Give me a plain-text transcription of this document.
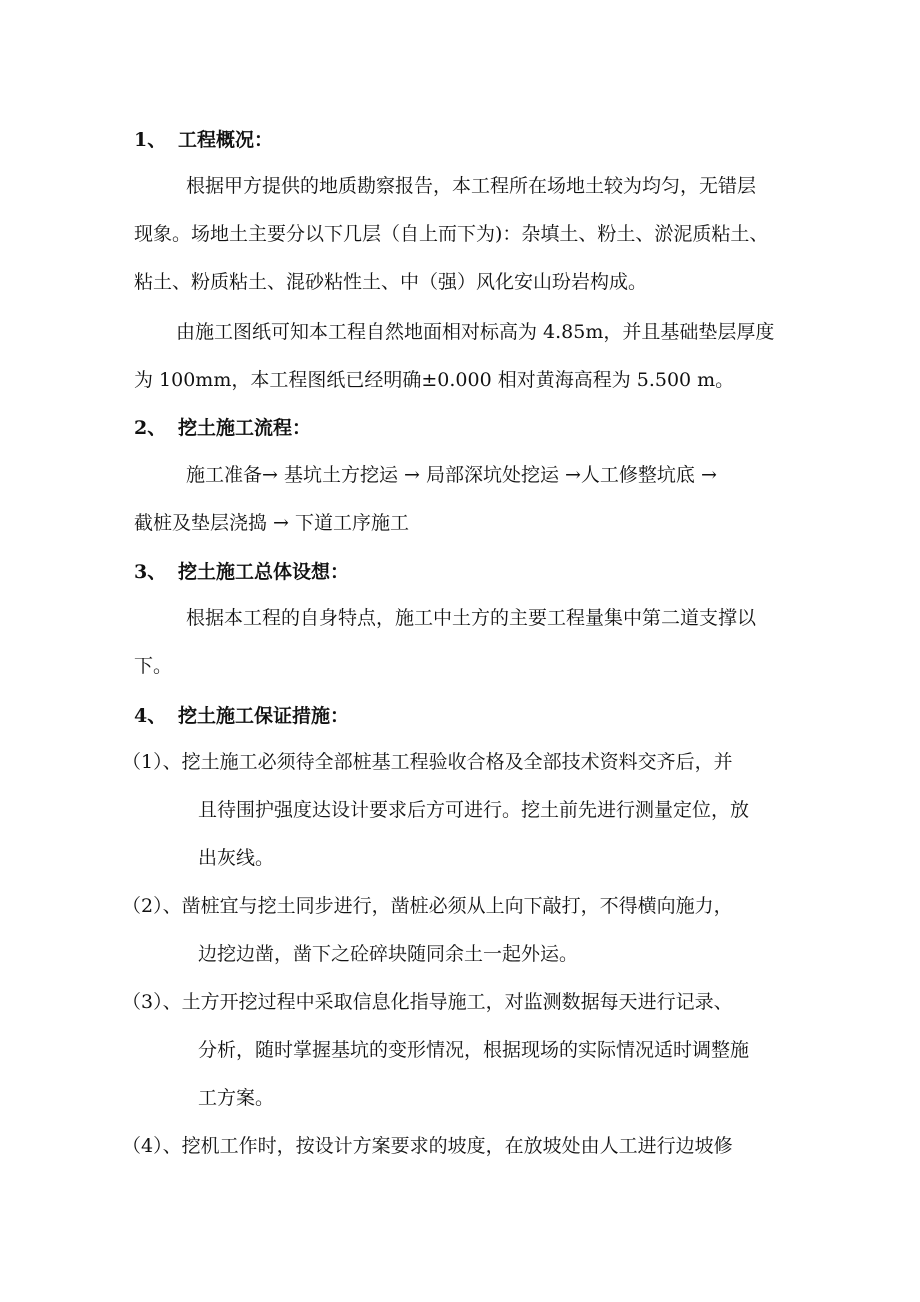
1、 工程概况：
根据甲方提供的地质勘察报告，本工程所在场地土较为均匀，无错层
现象。场地土主要分以下几层（自上而下为)：杂填土、粉土、淤泥质粘土、
粘土、粉质粘土、混砂粘性土、中（强）风化安山玢岩构成。
由施工图纸可知本工程自然地面相对标高为 4.85m，并且基础垫层厚度
为 100mm，本工程图纸已经明确±0.000 相对黄海高程为 5.500 m。
2、 挖土施工流程：
施工准备→ 基坑土方挖运 → 局部深坑处挖运 →人工修整坑底 →
截桩及垫层浇捣 → 下道工序施工
3、 挖土施工总体设想：
根据本工程的自身特点，施工中土方的主要工程量集中第二道支撑以
下。
4、 挖土施工保证措施：
（1）、挖土施工必须待全部桩基工程验收合格及全部技术资料交齐后，并
且待围护强度达设计要求后方可进行。挖土前先进行测量定位，放
出灰线。
（2）、凿桩宜与挖土同步进行，凿桩必须从上向下敲打，不得横向施力，
边挖边凿，凿下之砼碎块随同余土一起外运。
（3）、土方开挖过程中采取信息化指导施工，对监测数据每天进行记录、
分析，随时掌握基坑的变形情况，根据现场的实际情况适时调整施
工方案。
（4）、挖机工作时，按设计方案要求的坡度，在放坡处由人工进行边坡修
